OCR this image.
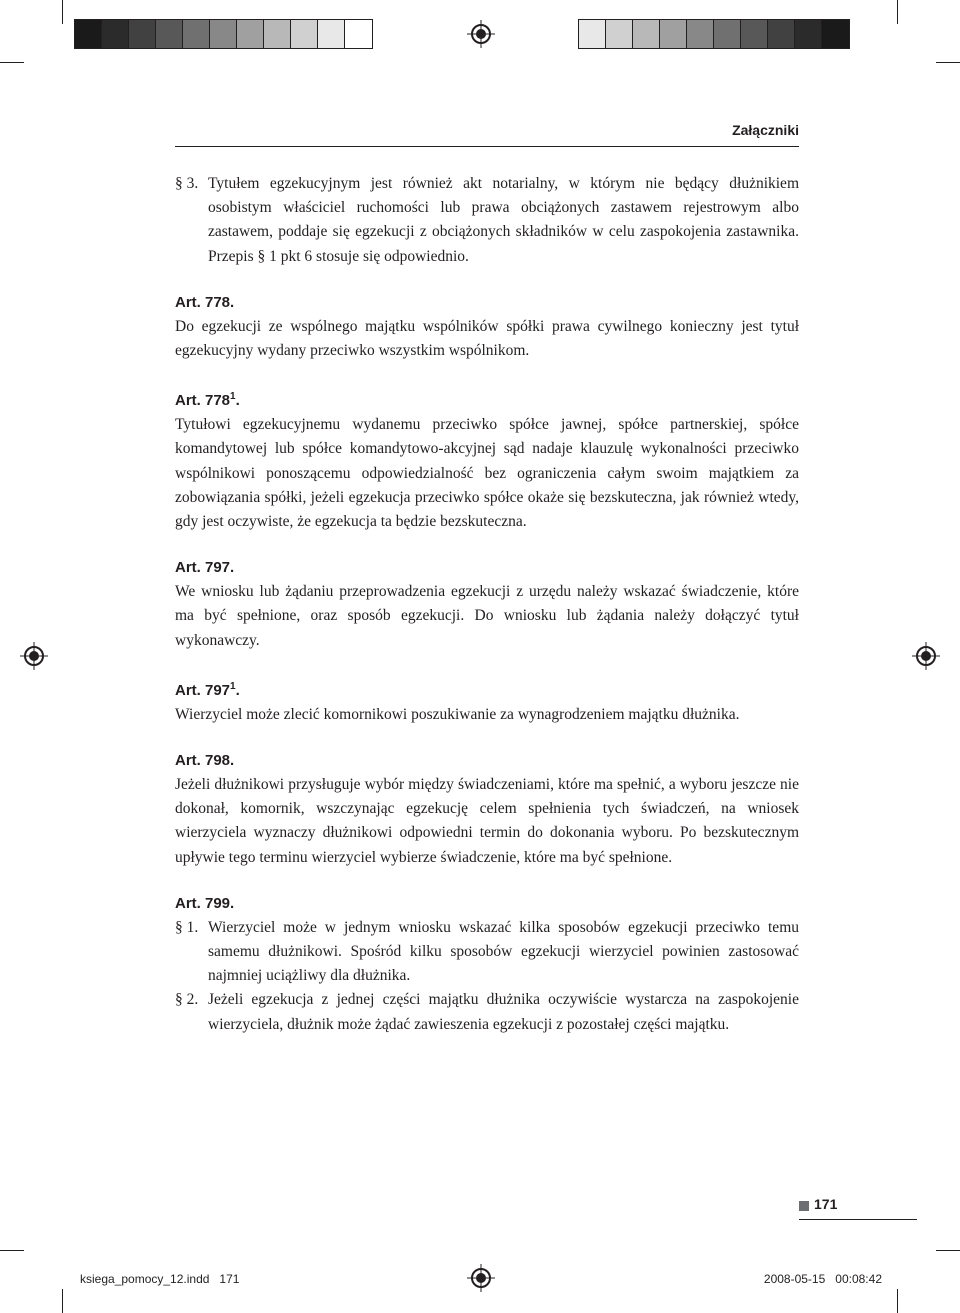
Załączniki
§ 3. Tytułem egzekucyjnym jest również akt notarialny, w którym nie będący dłużnikiem osobistym właściciel ruchomości lub prawa obciążonych zastawem rejestrowym albo zastawem, poddaje się egzekucji z obciążonych składników w celu zaspokojenia zastawnika. Przepis § 1 pkt 6 stosuje się odpowiednio.
Art. 778.

Do egzekucji ze wspólnego majątku wspólników spółki prawa cywilnego konieczny jest tytuł egzekucyjny wydany przeciwko wszystkim wspólnikom.

Art. $778^1$.

Tytułowi egzekucyjnemu wydanemu przeciwko spółce jawnej, spółce partnerskiej, spółce komandytowej lub spółce komandytowo-akcyjnej sąd nadaje klauzulę wykonalności przeciwko wspólnikowi ponoszącemu odpowiedzialność bez ograniczenia całym swoim majątkiem za zobowiązania spółki, jeżeli egzekucja przeciwko spółce okaże się bezskuteczna, jak również wtedy, gdy jest oczywiste, że egzekucja ta będzie bezskuteczna.

Art. 797.

We wniosku lub żądaniu przeprowadzenia egzekucji z urzędu należy wskazać świadczenie, które ma być spełnione, oraz sposób egzekucji. Do wniosku lub żądania należy dołączyć tytuł wykonawczy.

Art. $797^1$.

Wierzyciel może zlecić komornikowi poszukiwanie za wynagrodzeniem majątku dłużnika.

Art. 798.

Jeżeli dłużnikowi przysługuje wybór między świadczeniami, które ma spełnić, a wyboru jeszcze nie dokonał, komornik, wszczynając egzekucję celem spełnienia tych świadczeń, na wniosek wierzyciela wyznaczy dłużnikowi odpowiedni termin do dokonania wyboru. Po bezskutecznym upływie tego terminu wierzyciel wybierze świadczenie, które ma być spełnione.

Art. 799.
§ 1. Wierzyciel może w jednym wniosku wskazać kilka sposobów egzekucji przeciwko temu samemu dłużnikowi. Spośród kilku sposobów egzekucji wierzyciel powinien zastosować najmniej uciążliwy dla dłużnika.
§ 2. Jeżeli egzekucja z jednej części majątku dłużnika oczywiście wystarcza na zaspokojenie wierzyciela, dłużnik może żądać zawieszenia egzekucji z pozostałej części majątku.
171
ksiega_pomocy_12.indd   171	2008-05-15   00:08:42
